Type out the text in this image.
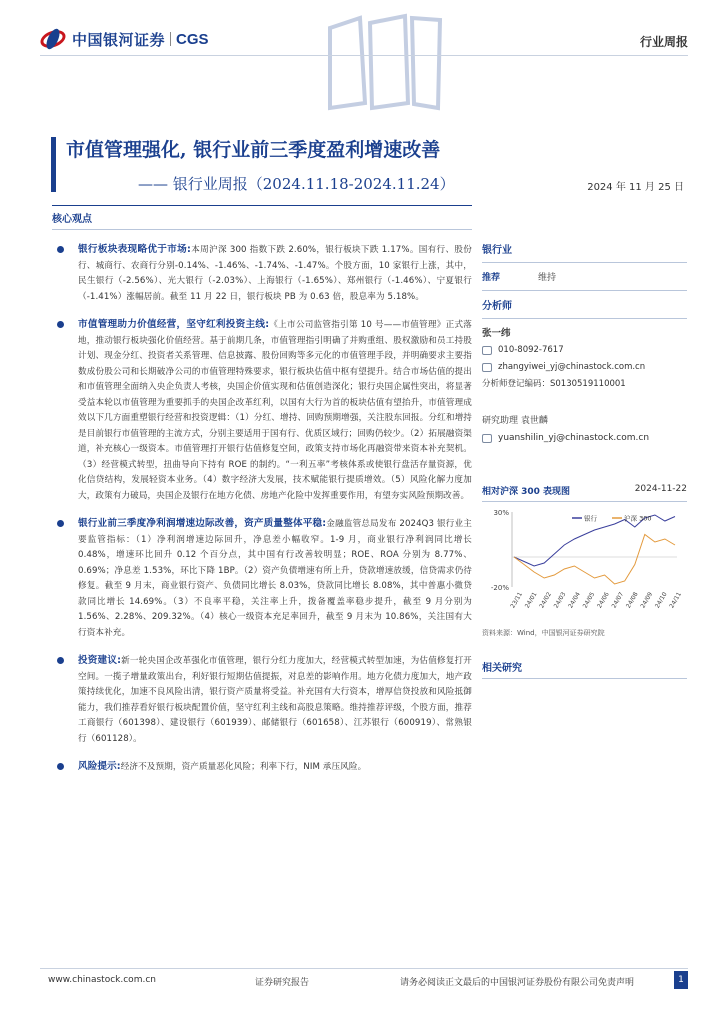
中国银河证券 CGS	行业周报
市值管理强化, 银行业前三季度盈利增速改善
—— 银行业周报（2024.11.18-2024.11.24）	2024 年 11 月 25 日
核心观点

银行板块表现略优于市场:本周沪深 300 指数下跌 2.60%，银行板块下跌 1.17%。国有行、股份行、城商行、农商行分别-0.14%、-1.46%、-1.74%、-1.47%。个股方面，10 家银行上涨，其中，民生银行（-2.56%）、光大银行（-2.03%）、上海银行（-1.65%）、郑州银行（-1.46%）、宁夏银行（-1.41%）涨幅居前。截至 11 月 22 日，银行板块 PB 为 0.63 倍，股息率为 5.18%。

市值管理助力价值经营，坚守红利投资主线:《上市公司监管指引第 10 号——市值管理》正式落地，推动银行板块强化价值经营。基于前期几条，市值管理指引明确了并购重组、股权激励和员工持股计划、现金分红、投资者关系管理、信息披露、股份回购等多元化的市值管理手段，并明确要求主要指数成份股公司和长期破净公司的市值管理特殊要求，银行板块估值中枢有望提升。结合市场估值的提出和市值管理全面纳入央企负责人考核，央国企价值实现和估值创造深化；银行央国企属性突出，将显著受益本轮以市值管理为重要抓手的央国企改革红利，以国有大行为首的板块估值有望抬升，市值管理成效以下几方面重塑银行经营和投资逻辑：（1）分红、增持、回购预期增强，关注股东回报。分红和增持是目前银行市值管理的主流方式，分别主要适用于国有行、优质区域行；回购仍较少。（2）拓展融资渠道，补充核心一级资本。市值管理打开银行估值修复空间，政策支持市场化再融资带来资本补充契机。（3）经营模式转型，扭曲导向下持有 ROE 的制约。“一利五率”考核体系或使银行盘活存量资源，优化信贷结构，发展轻资本业务。（4）数字经济大发展，技术赋能银行提质增效。（5）风险化解力度加大，政策有力破局，央国企及银行在地方化债、房地产化险中发挥重要作用，有望夯实风险预期改善。

银行业前三季度净利润增速边际改善，资产质量整体平稳:金融监管总局发布 2024Q3 银行业主要监管指标：（1）净利润增速边际回升，净息差小幅收窄。1-9 月，商业银行净利润同比增长 0.48%，增速环比回升 0.12 个百分点，其中国有行改善较明显；ROE、ROA 分别为 8.77%、0.69%；净息差 1.53%，环比下降 1BP。（2）资产负债增速有所上升，贷款增速放缓，信贷需求仍待修复。截至 9 月末，商业银行资产、负债同比增长 8.03%，贷款同比增长 8.08%，其中普惠小微贷款同比增长 14.69%。（3）不良率平稳，关注率上升，拨备覆盖率稳步提升，截至 9 月分别为 1.56%、2.28%、209.32%。（4）核心一级资本充足率回升，截至 9 月末为 10.86%，关注国有大行资本补充。

投资建议:新一轮央国企改革强化市值管理，银行分红力度加大，经营模式转型加速，为估值修复打开空间。一揽子增量政策出台，利好银行短期估值提振，对息差的影响作用。地方化债力度加大，地产政策持续优化，加速不良风险出清，银行资产质量将受益。补充国有大行资本，增厚信贷投放和风险抵御能力，我们推荐看好银行板块配置价值，坚守红利主线和高股息策略。维持推荐评级，个股方面，推荐工商银行（601398）、建设银行（601939）、邮储银行（601658）、江苏银行（600919）、常熟银行（601128）。

风险提示:经济不及预期，资产质量恶化风险；利率下行，NIM 承压风险。

银行业
推荐	维持
分析师
张一纬
010-8092-7617
zhangyiwei_yj@chinastock.com.cn
分析师登记编码：S0130519110001
研究助理 袁世麟
yuanshilin_yj@chinastock.com.cn
相对沪深 300 表现图	2024-11-22
30%
-20%
23/11 24/01 24/02 24/03 24/04 24/05 24/06 24/07 24/08 24/09 24/10 24/11
银行	沪深 300
资料来源：Wind，中国银河证券研究院
相关研究
www.chinastock.com.cn	证券研究报告	请务必阅读正文最后的中国银河证券股份有限公司免责声明	1
